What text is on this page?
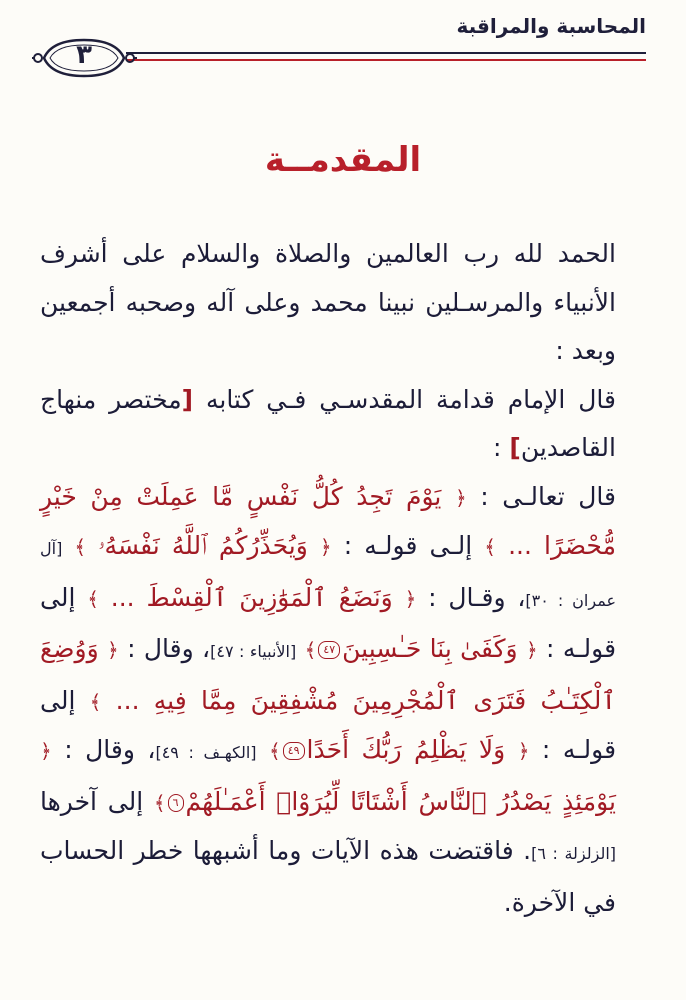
المحاسبة والمراقبة
٣
المقدمــة

الحمد لله رب العالمين والصلاة والسلام على أشرف الأنبياء والمرسـلين نبينا محمد وعلى آله وصحبه أجمعين وبعد :

قال الإمام قدامة المقدسـي فـي كتابه [مختصر منهاج القاصدين] :

قال تعالـى : ﴿ يَوْمَ تَجِدُ كُلُّ نَفْسٍ مَّا عَمِلَتْ مِنْ خَيْرٍ مُّحْضَرًا ... ﴾ إلـى قولـه : ﴿ وَيُحَذِّرُكُمُ ٱللَّهُ نَفْسَهُۥ ﴾ [آل عمران : ٣٠]، وقـال : ﴿ وَنَضَعُ ٱلْمَوَٰزِينَ ٱلْقِسْطَ ... ﴾ إلى قولـه : ﴿ وَكَفَىٰ بِنَا حَـٰسِبِينَ٤٧﴾ [الأنبياء : ٤٧]، وقال : ﴿ وَوُضِعَ ٱلْكِتَـٰبُ فَتَرَى ٱلْمُجْرِمِينَ مُشْفِقِينَ مِمَّا فِيهِ ... ﴾ إلى قولـه : ﴿ وَلَا يَظْلِمُ رَبُّكَ أَحَدًا٤٩﴾ [الكهـف : ٤٩]، وقال : ﴿ يَوْمَئِذٍ يَصْدُرُ ٱلنَّاسُ أَشْتَاتًا لِّيُرَوْا۟ أَعْمَـٰلَهُمْ٦﴾ إلى آخرها [الزلزلة : ٦]. فاقتضت هذه الآيات وما أشبهها خطر الحساب في الآخرة.
